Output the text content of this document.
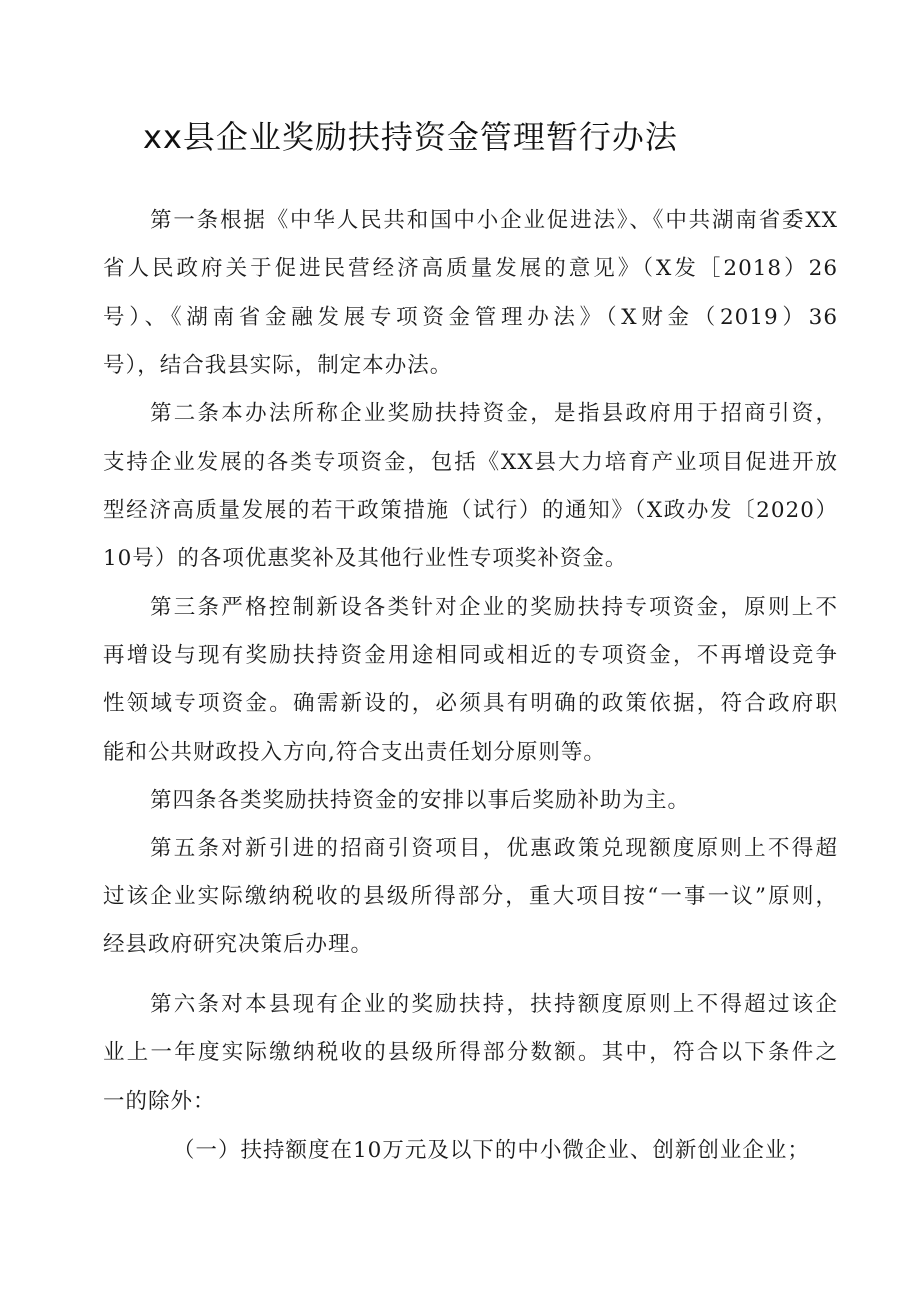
xx县企业奖励扶持资金管理暂行办法
第一条根据《中华人民共和国中小企业促进法》、《中共湖南省委XX
省人民政府关于促进民营经济高质量发展的意见》（X发［2018）26
号）、《湖南省金融发展专项资金管理办法》（X财金（2019）36
号），结合我县实际，制定本办法。
第二条本办法所称企业奖励扶持资金，是指县政府用于招商引资，
支持企业发展的各类专项资金，包括《XX县大力培育产业项目促进开放
型经济高质量发展的若干政策措施（试行）的通知》（X政办发〔2020）
10号）的各项优惠奖补及其他行业性专项奖补资金。
第三条严格控制新设各类针对企业的奖励扶持专项资金，原则上不
再增设与现有奖励扶持资金用途相同或相近的专项资金，不再增设竞争
性领域专项资金。确需新设的，必须具有明确的政策依据，符合政府职
能和公共财政投入方向,符合支出责任划分原则等。
第四条各类奖励扶持资金的安排以事后奖励补助为主。
第五条对新引进的招商引资项目，优惠政策兑现额度原则上不得超
过该企业实际缴纳税收的县级所得部分，重大项目按“一事一议”原则，
经县政府研究决策后办理。
第六条对本县现有企业的奖励扶持，扶持额度原则上不得超过该企
业上一年度实际缴纳税收的县级所得部分数额。其中，符合以下条件之
一的除外：
（一）扶持额度在10万元及以下的中小微企业、创新创业企业；
